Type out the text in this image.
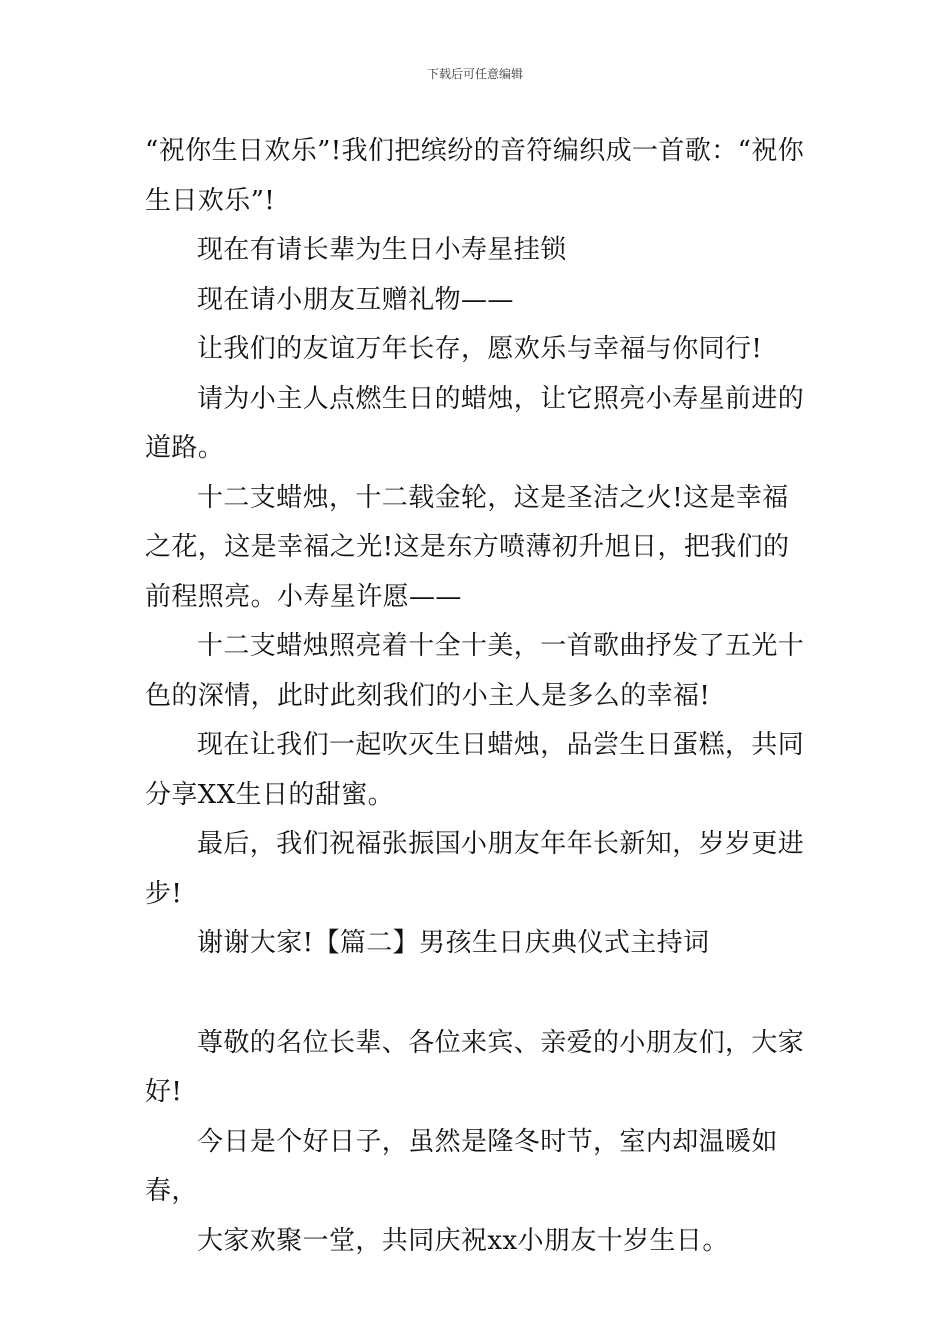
下载后可任意编辑

“祝你生日欢乐”!我们把缤纷的音符编织成一首歌：“祝你生日欢乐”!

现在有请长辈为生日小寿星挂锁

现在请小朋友互赠礼物——

让我们的友谊万年长存，愿欢乐与幸福与你同行!

请为小主人点燃生日的蜡烛，让它照亮小寿星前进的道路。

十二支蜡烛，十二载金轮，这是圣洁之火!这是幸福之花，这是幸福之光!这是东方喷薄初升旭日，把我们的前程照亮。小寿星许愿——

十二支蜡烛照亮着十全十美，一首歌曲抒发了五光十色的深情，此时此刻我们的小主人是多么的幸福!

现在让我们一起吹灭生日蜡烛，品尝生日蛋糕，共同分享XX生日的甜蜜。

最后，我们祝福张振国小朋友年年长新知，岁岁更进步!

谢谢大家!【篇二】男孩生日庆典仪式主持词

尊敬的名位长辈、各位来宾、亲爱的小朋友们，大家好!

今日是个好日子，虽然是隆冬时节，室内却温暖如春，

大家欢聚一堂，共同庆祝xx小朋友十岁生日。
